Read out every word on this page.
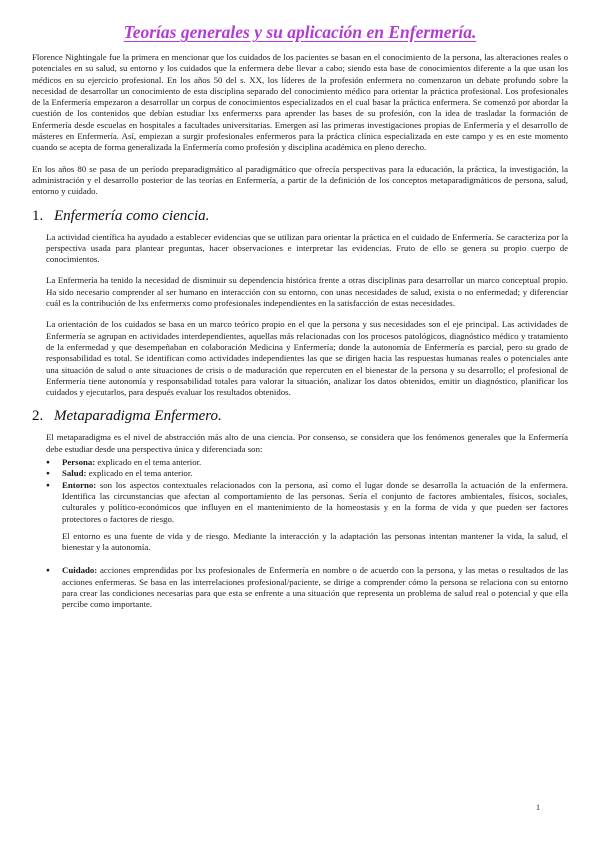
Teorías generales y su aplicación en Enfermería.

Florence Nightingale fue la primera en mencionar que los cuidados de los pacientes se basan en el conocimiento de la persona, las alteraciones reales o potenciales en su salud, su entorno y los cuidados que la enfermera debe llevar a cabo; siendo esta base de conocimientos diferente a la que usan los médicos en su ejercicio profesional. En los años 50 del s. XX, los líderes de la profesión enfermera no comenzaron un debate profundo sobre la necesidad de desarrollar un conocimiento de esta disciplina separado del conocimiento médico para orientar la práctica profesional. Los profesionales de la Enfermería empezaron a desarrollar un corpus de conocimientos especializados en el cual basar la práctica enfermera. Se comenzó por abordar la cuestión de los contenidos que debían estudiar lxs enfermerxs para aprender las bases de su profesión, con la idea de trasladar la formación de Enfermería desde escuelas en hospitales a facultades universitarias. Emergen así las primeras investigaciones propias de Enfermería y el desarrollo de másteres en Enfermería. Así, empiezan a surgir profesionales enfermeros para la práctica clínica especializada en este campo y es en este momento cuando se acepta de forma generalizada la Enfermería como profesión y disciplina académica en pleno derecho.

En los años 80 se pasa de un período preparadigmático al paradigmático que ofrecía perspectivas para la educación, la práctica, la investigación, la administración y el desarrollo posterior de las teorías en Enfermería, a partir de la definición de los conceptos metaparadigmáticos de persona, salud, entorno y cuidado.

1. Enfermería como ciencia.

La actividad científica ha ayudado a establecer evidencias que se utilizan para orientar la práctica en el cuidado de Enfermería. Se caracteriza por la perspectiva usada para plantear preguntas, hacer observaciones e interpretar las evidencias. Fruto de ello se genera su propio cuerpo de conocimientos.

La Enfermería ha tenido la necesidad de disminuir su dependencia histórica frente a otras disciplinas para desarrollar un marco conceptual propio. Ha sido necesario comprender al ser humano en interacción con su entorno, con unas necesidades de salud, exista o no enfermedad; y diferenciar cuál es la contribución de lxs enfermerxs como profesionales independientes en la satisfacción de estas necesidades.

La orientación de los cuidados se basa en un marco teórico propio en el que la persona y sus necesidades son el eje principal. Las actividades de Enfermería se agrupan en actividades interdependientes, aquellas más relacionadas con los procesos patológicos, diagnóstico médico y tratamiento de la enfermedad y que desempeñaban en colaboración Medicina y Enfermería; donde la autonomía de Enfermería es parcial, pero su grado de responsabilidad es total. Se identifican como actividades independientes las que se dirigen hacia las respuestas humanas reales o potenciales ante una situación de salud o ante situaciones de crisis o de maduración que repercuten en el bienestar de la persona y su desarrollo; el profesional de Enfermería tiene autonomía y responsabilidad totales para valorar la situación, analizar los datos obtenidos, emitir un diagnóstico, planificar los cuidados y ejecutarlos, para después evaluar los resultados obtenidos.

2. Metaparadigma Enfermero.

El metaparadigma es el nivel de abstracción más alto de una ciencia. Por consenso, se considera que los fenómenos generales que la Enfermería debe estudiar desde una perspectiva única y diferenciada son:

● Persona: explicado en el tema anterior.
● Salud: explicado en el tema anterior.
● Entorno: son los aspectos contextuales relacionados con la persona, así como el lugar donde se desarrolla la actuación de la enfermera. Identifica las circunstancias que afectan al comportamiento de las personas. Sería el conjunto de factores ambientales, físicos, sociales, culturales y político-económicos que influyen en el mantenimiento de la homeostasis y en la forma de vida y que pueden ser factores protectores o factores de riesgo.

El entorno es una fuente de vida y de riesgo. Mediante la interacción y la adaptación las personas intentan mantener la vida, la salud, el bienestar y la autonomía.

● Cuidado: acciones emprendidas por lxs profesionales de Enfermería en nombre o de acuerdo con la persona, y las metas o resultados de las acciones enfermeras. Se basa en las interrelaciones profesional/paciente, se dirige a comprender cómo la persona se relaciona con su entorno para crear las condiciones necesarias para que esta se enfrente a una situación que representa un problema de salud real o potencial y que ella percibe como importante.
1
